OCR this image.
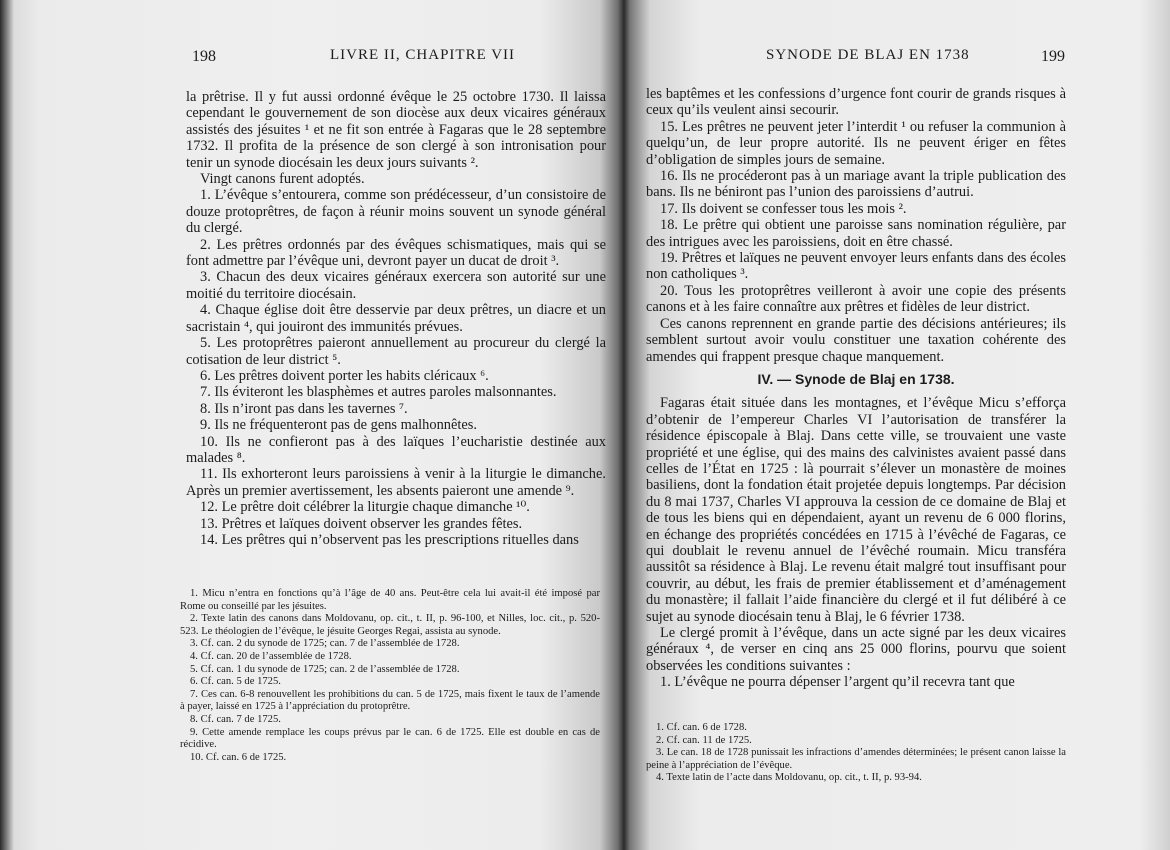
198	LIVRE II, CHAPITRE VII

la prêtrise. Il y fut aussi ordonné évêque le 25 octobre 1730. Il laissa cependant le gouvernement de son diocèse aux deux vicaires généraux assistés des jésuites ¹ et ne fit son entrée à Fagaras que le 28 septembre 1732. Il profita de la présence de son clergé à son intronisation pour tenir un synode diocésain les deux jours suivants ².

Vingt canons furent adoptés.

1. L’évêque s’entourera, comme son prédécesseur, d’un consistoire de douze protoprêtres, de façon à réunir moins souvent un synode général du clergé.

2. Les prêtres ordonnés par des évêques schismatiques, mais qui se font admettre par l’évêque uni, devront payer un ducat de droit ³.

3. Chacun des deux vicaires généraux exercera son autorité sur une moitié du territoire diocésain.

4. Chaque église doit être desservie par deux prêtres, un diacre et un sacristain ⁴, qui jouiront des immunités prévues.

5. Les protoprêtres paieront annuellement au procureur du clergé la cotisation de leur district ⁵.

6. Les prêtres doivent porter les habits cléricaux ⁶.

7. Ils éviteront les blasphèmes et autres paroles malsonnantes.

8. Ils n’iront pas dans les tavernes ⁷.

9. Ils ne fréquenteront pas de gens malhonnêtes.

10. Ils ne confieront pas à des laïques l’eucharistie destinée aux malades ⁸.

11. Ils exhorteront leurs paroissiens à venir à la liturgie le dimanche. Après un premier avertissement, les absents paieront une amende ⁹.

12. Le prêtre doit célébrer la liturgie chaque dimanche ¹⁰.

13. Prêtres et laïques doivent observer les grandes fêtes.

14. Les prêtres qui n’observent pas les prescriptions rituelles dans

1. Micu n’entra en fonctions qu’à l’âge de 40 ans. Peut-être cela lui avait-il été imposé par Rome ou conseillé par les jésuites.

2. Texte latin des canons dans Moldovanu, op. cit., t. II, p. 96-100, et Nilles, loc. cit., p. 520-523. Le théologien de l’évêque, le jésuite Georges Regai, assista au synode.

3. Cf. can. 2 du synode de 1725; can. 7 de l’assemblée de 1728.

4. Cf. can. 20 de l’assemblée de 1728.

5. Cf. can. 1 du synode de 1725; can. 2 de l’assemblée de 1728.

6. Cf. can. 5 de 1725.

7. Ces can. 6-8 renouvellent les prohibitions du can. 5 de 1725, mais fixent le taux de l’amende à payer, laissé en 1725 à l’appréciation du protoprêtre.

8. Cf. can. 7 de 1725.

9. Cette amende remplace les coups prévus par le can. 6 de 1725. Elle est double en cas de récidive.

10. Cf. can. 6 de 1725.

SYNODE DE BLAJ EN 1738	199

les baptêmes et les confessions d’urgence font courir de grands risques à ceux qu’ils veulent ainsi secourir.

15. Les prêtres ne peuvent jeter l’interdit ¹ ou refuser la communion à quelqu’un, de leur propre autorité. Ils ne peuvent ériger en fêtes d’obligation de simples jours de semaine.

16. Ils ne procéderont pas à un mariage avant la triple publication des bans. Ils ne béniront pas l’union des paroissiens d’autrui.

17. Ils doivent se confesser tous les mois ².

18. Le prêtre qui obtient une paroisse sans nomination régulière, par des intrigues avec les paroissiens, doit en être chassé.

19. Prêtres et laïques ne peuvent envoyer leurs enfants dans des écoles non catholiques ³.

20. Tous les protoprêtres veilleront à avoir une copie des présents canons et à les faire connaître aux prêtres et fidèles de leur district.

Ces canons reprennent en grande partie des décisions antérieures; ils semblent surtout avoir voulu constituer une taxation cohérente des amendes qui frappent presque chaque manquement.

IV. — Synode de Blaj en 1738.

Fagaras était située dans les montagnes, et l’évêque Micu s’efforça d’obtenir de l’empereur Charles VI l’autorisation de transférer la résidence épiscopale à Blaj. Dans cette ville, se trouvaient une vaste propriété et une église, qui des mains des calvinistes avaient passé dans celles de l’État en 1725 : là pourrait s’élever un monastère de moines basiliens, dont la fondation était projetée depuis longtemps. Par décision du 8 mai 1737, Charles VI approuva la cession de ce domaine de Blaj et de tous les biens qui en dépendaient, ayant un revenu de 6 000 florins, en échange des propriétés concédées en 1715 à l’évêché de Fagaras, ce qui doublait le revenu annuel de l’évêché roumain. Micu transféra aussitôt sa résidence à Blaj. Le revenu était malgré tout insuffisant pour couvrir, au début, les frais de premier établissement et d’aménagement du monastère; il fallait l’aide financière du clergé et il fut délibéré à ce sujet au synode diocésain tenu à Blaj, le 6 février 1738.

Le clergé promit à l’évêque, dans un acte signé par les deux vicaires généraux ⁴, de verser en cinq ans 25 000 florins, pourvu que soient observées les conditions suivantes :

1. L’évêque ne pourra dépenser l’argent qu’il recevra tant que

1. Cf. can. 6 de 1728.

2. Cf. can. 11 de 1725.

3. Le can. 18 de 1728 punissait les infractions d’amendes déterminées; le présent canon laisse la peine à l’appréciation de l’évêque.

4. Texte latin de l’acte dans Moldovanu, op. cit., t. II, p. 93-94.
